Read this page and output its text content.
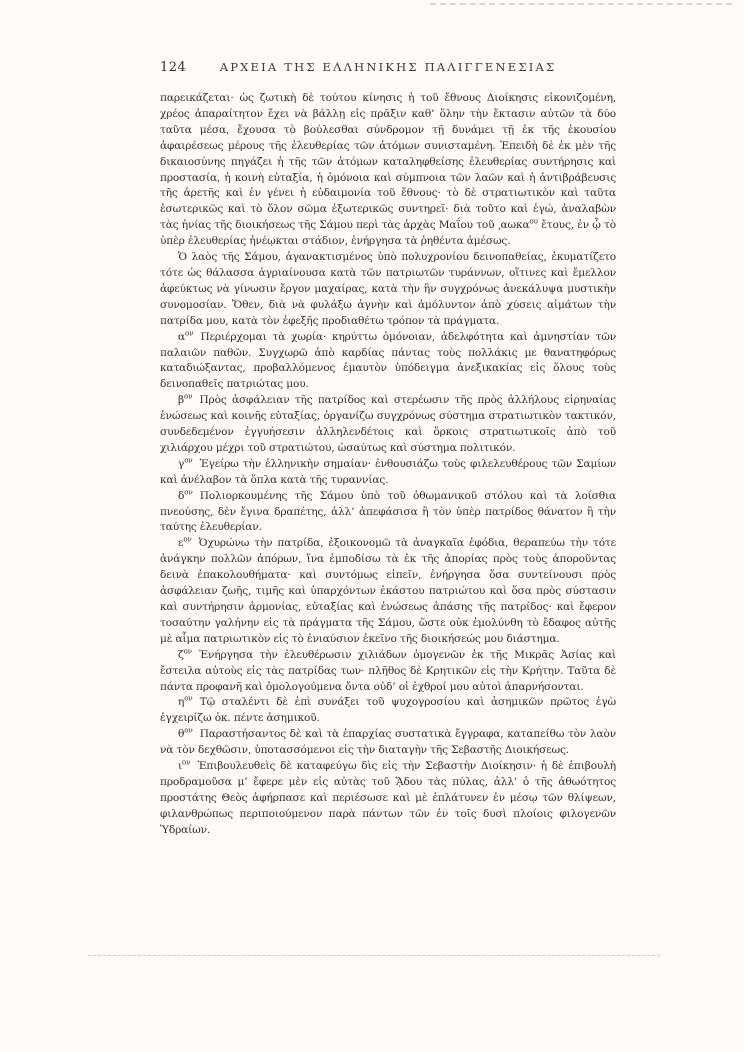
124	ΑΡΧΕΙΑ ΤΗΣ ΕΛΛΗΝΙΚΗΣ ΠΑΛΙΓΓΕΝΕΣΙΑΣ

παρεικάζεται· ὡς ζωτικὴ δὲ τούτου κίνησις ἡ τοῦ ἔθνους Διοίκησις εἰκονιζομένη, χρέος ἀπαραίτητον ἔχει νὰ βάλλῃ εἰς πρᾶξιν καθ’ ὅλην τὴν ἔκτασιν αὐτῶν τὰ δύο ταῦτα μέσα, ἔχουσα τὸ βούλεσθαι σύνδρομον τῇ δυνάμει τῇ ἐκ τῆς ἑκουσίου ἀφαιρέσεως μέρους τῆς ἐλευθερίας τῶν ἀτόμων συνισταμένη. Ἐπειδὴ δὲ ἐκ μὲν τῆς δικαιοσύνης πηγάζει ἡ τῆς τῶν ἀτόμων καταληφθείσης ἐλευθερίας συντήρησις καὶ προστασία, ἡ κοινὴ εὐταξία, ἡ ὁμόνοια καὶ σύμπνοια τῶν λαῶν καὶ ἡ ἀντιβράβευσις τῆς ἀρετῆς καὶ ἐν γένει ἡ εὐδαιμονία τοῦ ἔθνους· τὸ δὲ στρατιωτικὸν καὶ ταῦτα ἐσωτερικῶς καὶ τὸ ὅλον σῶμα ἐξωτερικῶς συντηρεῖ· διὰ τοῦτο καὶ ἐγώ, ἀναλαβὼν τὰς ἡνίας τῆς διοικήσεως τῆς Σάμου περὶ τὰς ἀρχὰς Μαΐου τοῦ ͵αωκα$^{o\upsilon}$ ἔτους, ἐν ᾧ τὸ ὑπὲρ ἐλευθερίας ἠνέῳκται στάδιον, ἐνήργησα τὰ ῥηθέντα ἀμέσως.

Ὁ λαὸς τῆς Σάμου, ἀγανακτισμένος ὑπὸ πολυχρονίου δεινοπαθείας, ἐκυματίζετο τότε ὡς θάλασσα ἀγριαίνουσα κατὰ τῶν πατριωτῶν τυράννων, οἵτινες καὶ ἔμελλον ἀφεύκτως νὰ γίνωσιν ἔργον μαχαίρας, κατὰ τὴν ἣν συγχρόνως ἀνεκάλυψα μυστικὴν συνομοσίαν. Ὅθεν, διὰ νὰ φυλάξω ἁγνὴν καὶ ἀμόλυντον ἀπὸ χύσεις αἱμάτων τὴν πατρίδα μου, κατὰ τὸν ἐφεξῆς προδιαθέτω τρόπον τὰ πράγματα.

$\alpha^{o\nu}$ Περιέρχομαι τὰ χωρία· κηρύττω ὁμόνοιαν, ἀδελφότητα καὶ ἀμνηστίαν τῶν παλαιῶν παθῶν. Συγχωρῶ ἀπὸ καρδίας πάντας τοὺς πολλάκις με θανατηφόρως καταδιώξαντας, προβαλλόμενος ἐμαυτὸν ὑπόδειγμα ἀνεξικακίας εἰς ὅλους τοὺς δεινοπαθεῖς πατριώτας μου.

$\beta^{o\nu}$ Πρὸς ἀσφάλειαν τῆς πατρίδος καὶ στερέωσιν τῆς πρὸς ἀλλήλους εἰρηναίας ἑνώσεως καὶ κοινῆς εὐταξίας, ὀργανίζω συγχρόνως σύστημα στρατιωτικὸν τακτικόν, συνδεδεμένον ἐγγυήσεσιν ἀλληλενδέτοις καὶ ὅρκοις στρατιωτικοῖς ἀπὸ τοῦ χιλιάρχου μέχρι τοῦ στρατιώτου, ὡσαύτως καὶ σύστημα πολιτικόν.

$\gamma^{o\nu}$ Ἐγείρω τὴν ἑλληνικὴν σημαίαν· ἐνθουσιάζω τοὺς φιλελευθέρους τῶν Σαμίων καὶ ἀνέλαβον τὰ ὅπλα κατὰ τῆς τυραννίας.

$\delta^{o\nu}$ Πολιορκουμένης τῆς Σάμου ὑπὸ τοῦ ὀθωμανικοῦ στόλου καὶ τὰ λοίσθια πνεούσης, δὲν ἔγινα δραπέτης, ἀλλ’ ἀπεφάσισα ἢ τὸν ὑπὲρ πατρίδος θάνατον ἢ τὴν ταύτης ἐλευθερίαν.

$\varepsilon^{o\nu}$ Ὀχυρώνω τὴν πατρίδα, ἐξοικονομῶ τὰ ἀναγκαῖα ἐφόδια, θεραπεύω τὴν τότε ἀνάγκην πολλῶν ἀπόρων, ἵνα ἐμποδίσω τὰ ἐκ τῆς ἀπορίας πρὸς τοὺς ἀποροῦντας δεινὰ ἐπακολουθήματα· καὶ συντόμως εἰπεῖν, ἐνήργησα ὅσα συντείνουσι πρὸς ἀσφάλειαν ζωῆς, τιμῆς καὶ ὑπαρχόντων ἑκάστου πατριώτου καὶ ὅσα πρὸς σύστασιν καὶ συντήρησιν ἁρμονίας, εὐταξίας καὶ ἑνώσεως ἁπάσης τῆς πατρίδος· καὶ ἔφερον τοσαύτην γαλήνην εἰς τὰ πράγματα τῆς Σάμου, ὥστε οὐκ ἐμολύνθη τὸ ἔδαφος αὐτῆς μὲ αἷμα πατριωτικὸν εἰς τὸ ἐνιαύσιον ἐκεῖνο τῆς διοικήσεώς μου διάστημα.

$\zeta^{o\nu}$ Ἐνήργησα τὴν ἐλευθέρωσιν χιλιάδων ὁμογενῶν ἐκ τῆς Μικρᾶς Ἀσίας καὶ ἔστειλα αὐτοὺς εἰς τὰς πατρίδας των· πλῆθος δὲ Κρητικῶν εἰς τὴν Κρήτην. Ταῦτα δὲ πάντα προφανῆ καὶ ὁμολογούμενα ὄντα οὐδ’ οἱ ἐχθροί μου αὐτοὶ ἀπαρνήσονται.

$\eta^{o\nu}$ Τῷ σταλέντι δὲ ἐπὶ συνάξει τοῦ ψυχογροσίου καὶ ἀσημικῶν πρῶτος ἐγὼ ἐγχειρίζω ὀκ. πέντε ἀσημικοῦ.

$\theta^{o\nu}$ Παραστήσαντος δὲ καὶ τὰ ἐπαρχίας συστατικὰ ἔγγραφα, καταπείθω τὸν λαὸν νὰ τὸν δεχθῶσιν, ὑποτασσόμενοι εἰς τὴν διαταγὴν τῆς Σεβαστῆς Διοικήσεως.

$\iota^{o\nu}$ Ἐπιβουλευθεὶς δὲ καταφεύγω δὶς εἰς τὴν Σεβαστὴν Διοίκησιν· ἡ δὲ ἐπιβουλὴ προδραμοῦσα μ’ ἔφερε μὲν εἰς αὐτὰς τοῦ ᾍδου τὰς πύλας, ἀλλ’ ὁ τῆς ἀθωότητος προστάτης Θεὸς ἀφήρπασε καὶ περιέσωσε καὶ μὲ ἐπλάτυνεν ἐν μέσῳ τῶν θλίψεων, φιλανθρώπως περιποιούμενον παρὰ πάντων τῶν ἐν τοῖς δυσὶ πλοίοις φιλογενῶν Ὑδραίων.
